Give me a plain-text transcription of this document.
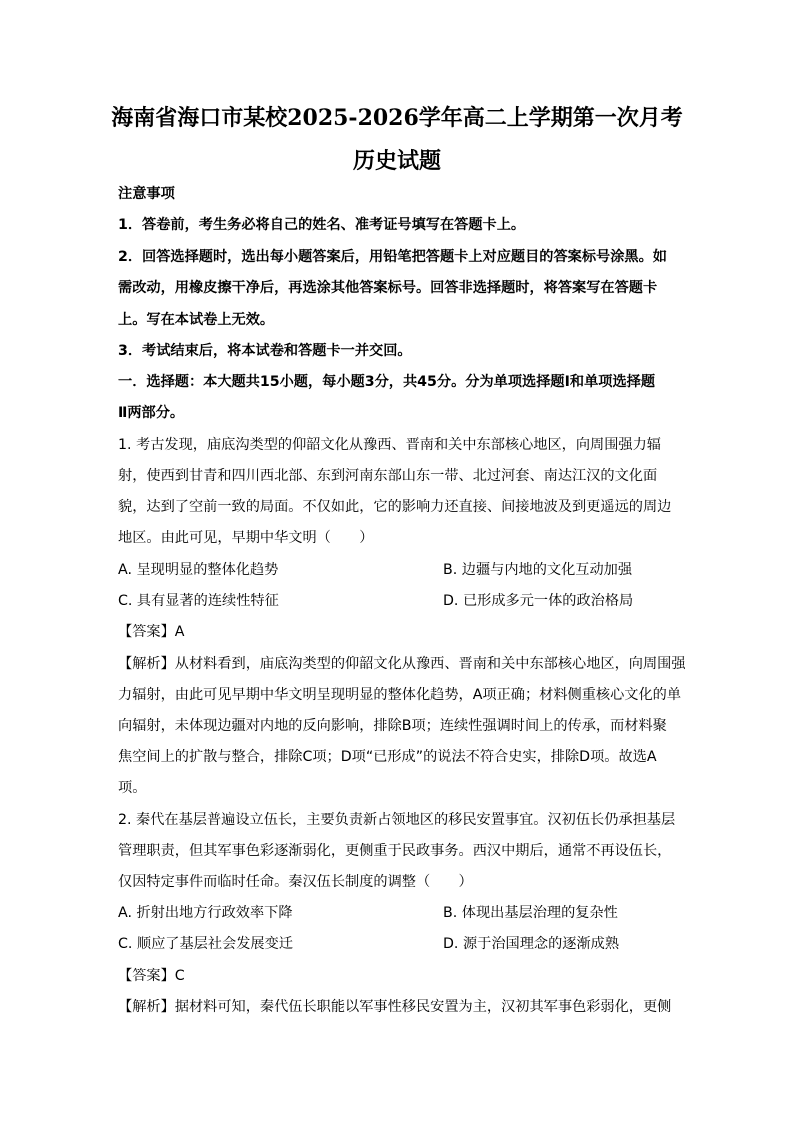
海南省海口市某校2025-2026学年高二上学期第一次月考
历史试题
注意事项
1．答卷前，考生务必将自己的姓名、准考证号填写在答题卡上。
2．回答选择题时，选出每小题答案后，用铅笔把答题卡上对应题目的答案标号涂黑。如
需改动，用橡皮擦干净后，再选涂其他答案标号。回答非选择题时，将答案写在答题卡
上。写在本试卷上无效。
3．考试结束后，将本试卷和答题卡一并交回。
一．选择题：本大题共15小题，每小题3分，共45分。分为单项选择题Ⅰ和单项选择题
Ⅱ两部分。
1. 考古发现，庙底沟类型的仰韶文化从豫西、晋南和关中东部核心地区，向周围强力辐
射，使西到甘青和四川西北部、东到河南东部山东一带、北过河套、南达江汉的文化面
貌，达到了空前一致的局面。不仅如此，它的影响力还直接、间接地波及到更遥远的周边
地区。由此可见，早期中华文明（　　）
A. 呈现明显的整体化趋势	B. 边疆与内地的文化互动加强
C. 具有显著的连续性特征	D. 已形成多元一体的政治格局
【答案】A
【解析】从材料看到，庙底沟类型的仰韶文化从豫西、晋南和关中东部核心地区，向周围强
力辐射，由此可见早期中华文明呈现明显的整体化趋势，A项正确；材料侧重核心文化的单
向辐射，未体现边疆对内地的反向影响，排除B项；连续性强调时间上的传承，而材料聚
焦空间上的扩散与整合，排除C项；D项“已形成”的说法不符合史实，排除D项。故选A
项。
2. 秦代在基层普遍设立伍长，主要负责新占领地区的移民安置事宜。汉初伍长仍承担基层
管理职责，但其军事色彩逐渐弱化，更侧重于民政事务。西汉中期后，通常不再设伍长，
仅因特定事件而临时任命。秦汉伍长制度的调整（　　）
A. 折射出地方行政效率下降	B. 体现出基层治理的复杂性
C. 顺应了基层社会发展变迁	D. 源于治国理念的逐渐成熟
【答案】C
【解析】据材料可知，秦代伍长职能以军事性移民安置为主，汉初其军事色彩弱化，更侧
